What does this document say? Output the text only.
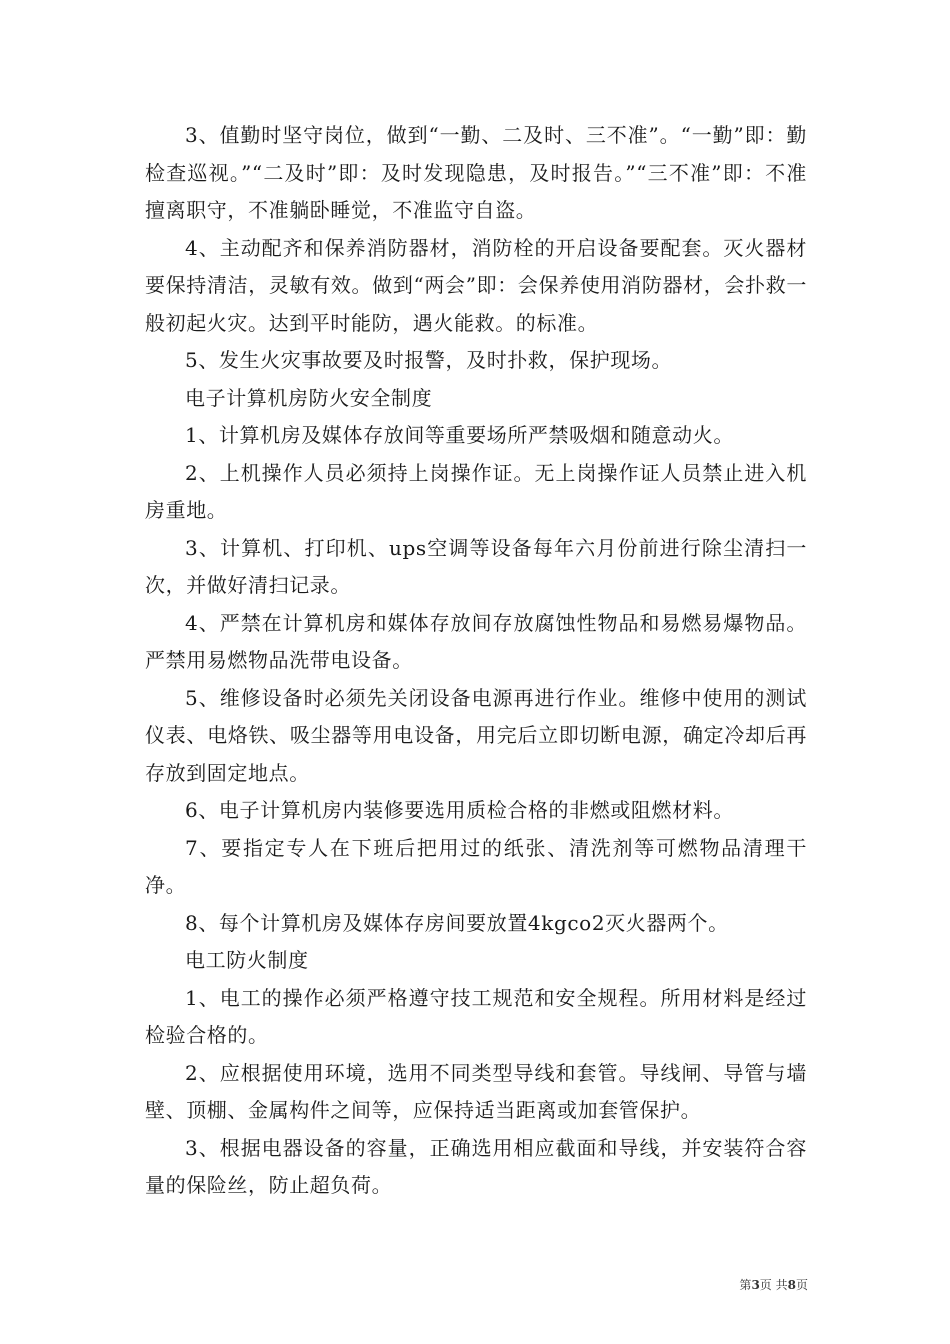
3、值勤时坚守岗位，做到“一勤、二及时、三不准”。“一勤”即：勤检查巡视。”“二及时”即：及时发现隐患，及时报告。”“三不准”即：不准擅离职守，不准躺卧睡觉，不准监守自盗。

4、主动配齐和保养消防器材，消防栓的开启设备要配套。灭火器材要保持清洁，灵敏有效。做到“两会”即：会保养使用消防器材，会扑救一般初起火灾。达到平时能防，遇火能救。的标准。

5、发生火灾事故要及时报警，及时扑救，保护现场。

电子计算机房防火安全制度

1、计算机房及媒体存放间等重要场所严禁吸烟和随意动火。

2、上机操作人员必须持上岗操作证。无上岗操作证人员禁止进入机房重地。

3、计算机、打印机、ups空调等设备每年六月份前进行除尘清扫一次，并做好清扫记录。

4、严禁在计算机房和媒体存放间存放腐蚀性物品和易燃易爆物品。严禁用易燃物品洗带电设备。

5、维修设备时必须先关闭设备电源再进行作业。维修中使用的测试仪表、电烙铁、吸尘器等用电设备，用完后立即切断电源，确定冷却后再存放到固定地点。

6、电子计算机房内装修要选用质检合格的非燃或阻燃材料。

7、要指定专人在下班后把用过的纸张、清洗剂等可燃物品清理干净。

8、每个计算机房及媒体存房间要放置4kgco2灭火器两个。

电工防火制度

1、电工的操作必须严格遵守技工规范和安全规程。所用材料是经过检验合格的。

2、应根据使用环境，选用不同类型导线和套管。导线闸、导管与墙壁、顶棚、金属构件之间等，应保持适当距离或加套管保护。

3、根据电器设备的容量，正确选用相应截面和导线，并安装符合容量的保险丝，防止超负荷。

第3页 共8页
